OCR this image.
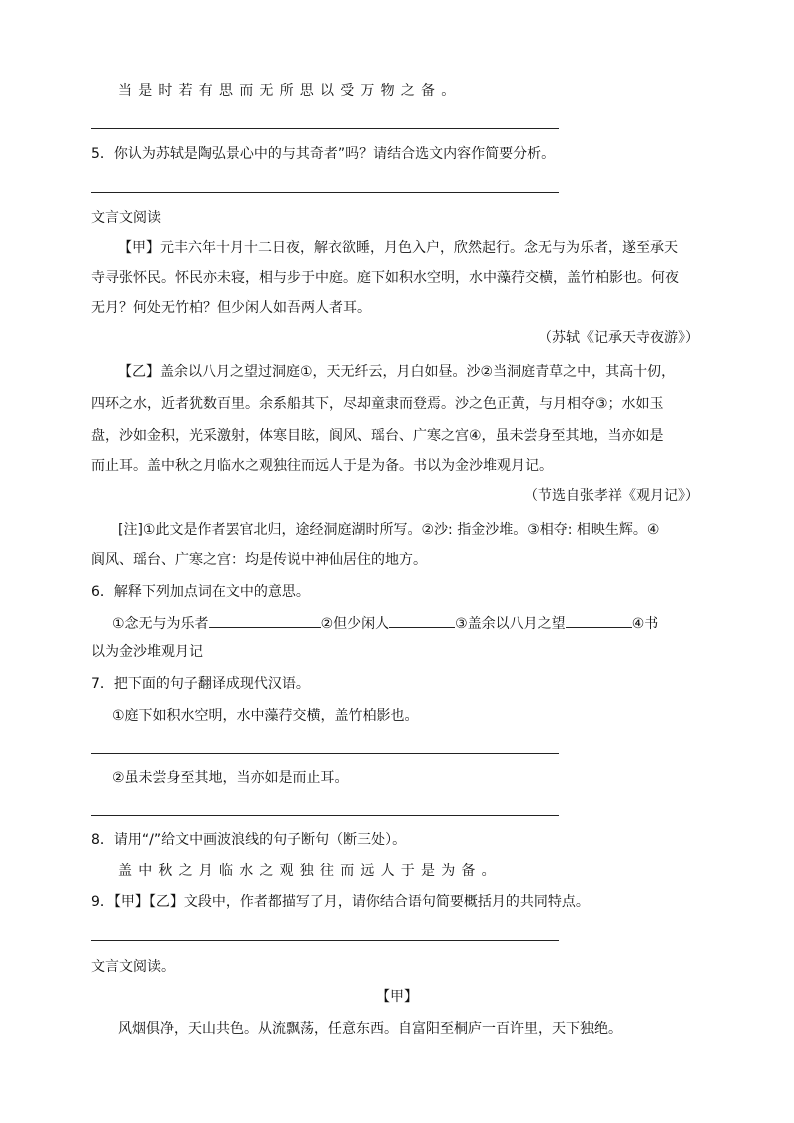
当是时若有思而无所思以受万物之备。
5．你认为苏轼是陶弘景心中的与其奇者”吗？请结合选文内容作简要分析。
文言文阅读
【甲】元丰六年十月十二日夜，解衣欲睡，月色入户，欣然起行。念无与为乐者，遂至承天
寺寻张怀民。怀民亦未寝，相与步于中庭。庭下如积水空明，水中藻荇交横，盖竹柏影也。何夜
无月？何处无竹柏？但少闲人如吾两人者耳。
（苏轼《记承天寺夜游》）
【乙】盖余以八月之望过洞庭①，天无纤云，月白如昼。沙②当洞庭青草之中，其高十仞，
四环之水，近者犹数百里。余系船其下，尽却童隶而登焉。沙之色正黄，与月相夺③；水如玉
盘，沙如金积，光采激射，体寒目眩，阆风、瑶台、广寒之宫④，虽未尝身至其地，当亦如是
而止耳。盖中秋之月临水之观独往而远人于是为备。书以为金沙堆观月记。
（节选自张孝祥《观月记》）
[注]①此文是作者罢官北归，途经洞庭湖时所写。②沙: 指金沙堆。③相夺: 相映生辉。④
阆风、瑶台、广寒之宫：均是传说中神仙居住的地方。
6．解释下列加点词在文中的意思。
①念无与为乐者	②但少闲人	③盖余以八月之望	④书
以为金沙堆观月记
7．把下面的句子翻译成现代汉语。
①庭下如积水空明，水中藻荇交横，盖竹柏影也。
②虽未尝身至其地，当亦如是而止耳。
8．请用“/”给文中画波浪线的句子断句（断三处）。
盖中秋之月临水之观独往而远人于是为备。
9．【甲】【乙】文段中，作者都描写了月，请你结合语句简要概括月的共同特点。
文言文阅读。
【甲】
风烟俱净，天山共色。从流飘荡，任意东西。自富阳至桐庐一百许里，天下独绝。
